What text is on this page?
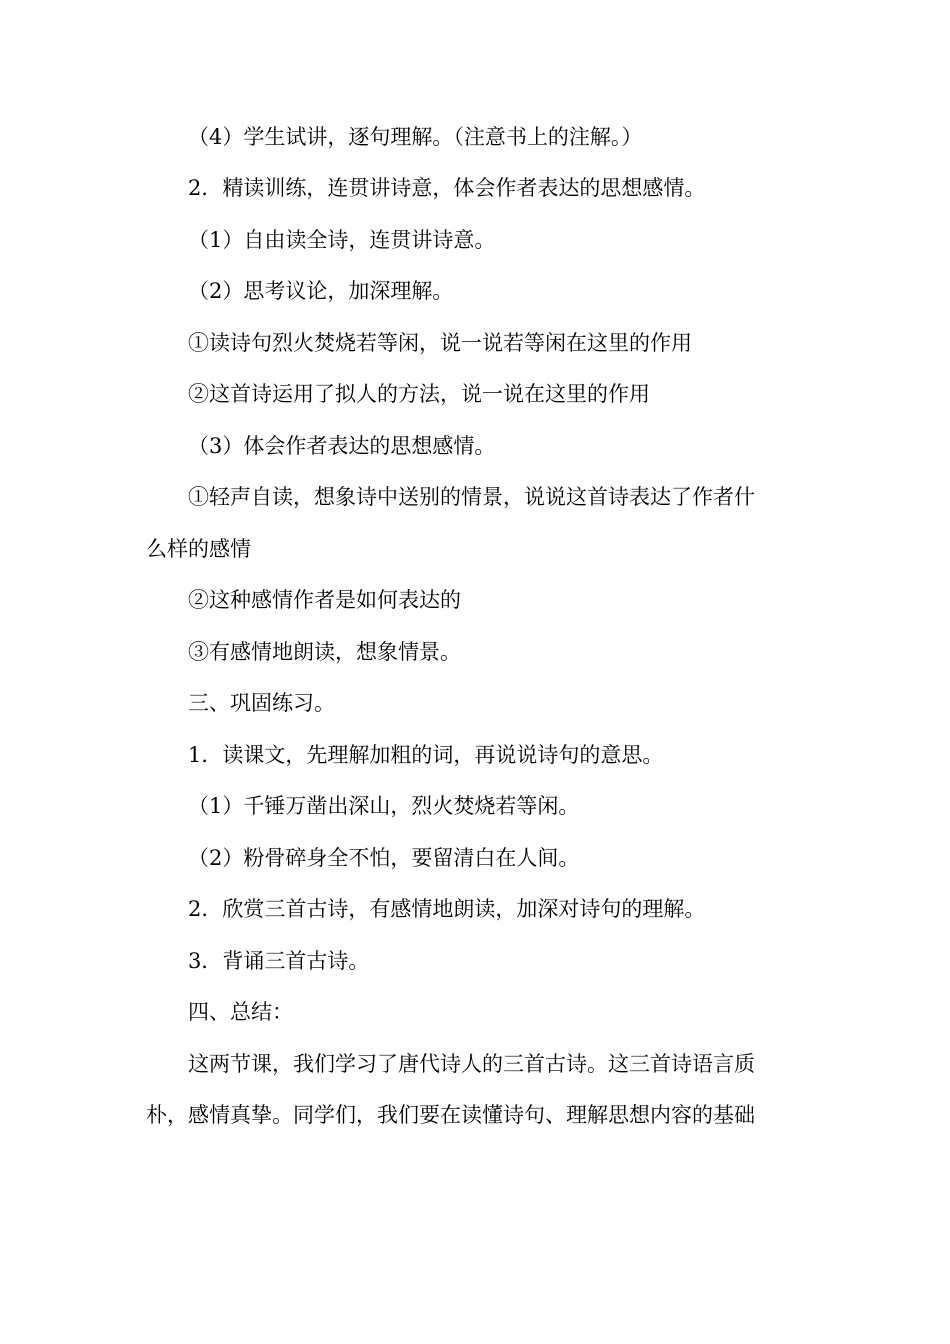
（4）学生试讲，逐句理解。（注意书上的注解。）
2．精读训练，连贯讲诗意，体会作者表达的思想感情。
（1）自由读全诗，连贯讲诗意。
（2）思考议论，加深理解。
①读诗句烈火焚烧若等闲，说一说若等闲在这里的作用
②这首诗运用了拟人的方法，说一说在这里的作用
（3）体会作者表达的思想感情。
①轻声自读，想象诗中送别的情景，说说这首诗表达了作者什
么样的感情
②这种感情作者是如何表达的
③有感情地朗读，想象情景。
三、巩固练习。
1．读课文，先理解加粗的词，再说说诗句的意思。
（1）千锤万凿出深山，烈火焚烧若等闲。
（2）粉骨碎身全不怕，要留清白在人间。
2．欣赏三首古诗，有感情地朗读，加深对诗句的理解。
3．背诵三首古诗。
四、总结：
这两节课，我们学习了唐代诗人的三首古诗。这三首诗语言质
朴，感情真挚。同学们，我们要在读懂诗句、理解思想内容的基础
